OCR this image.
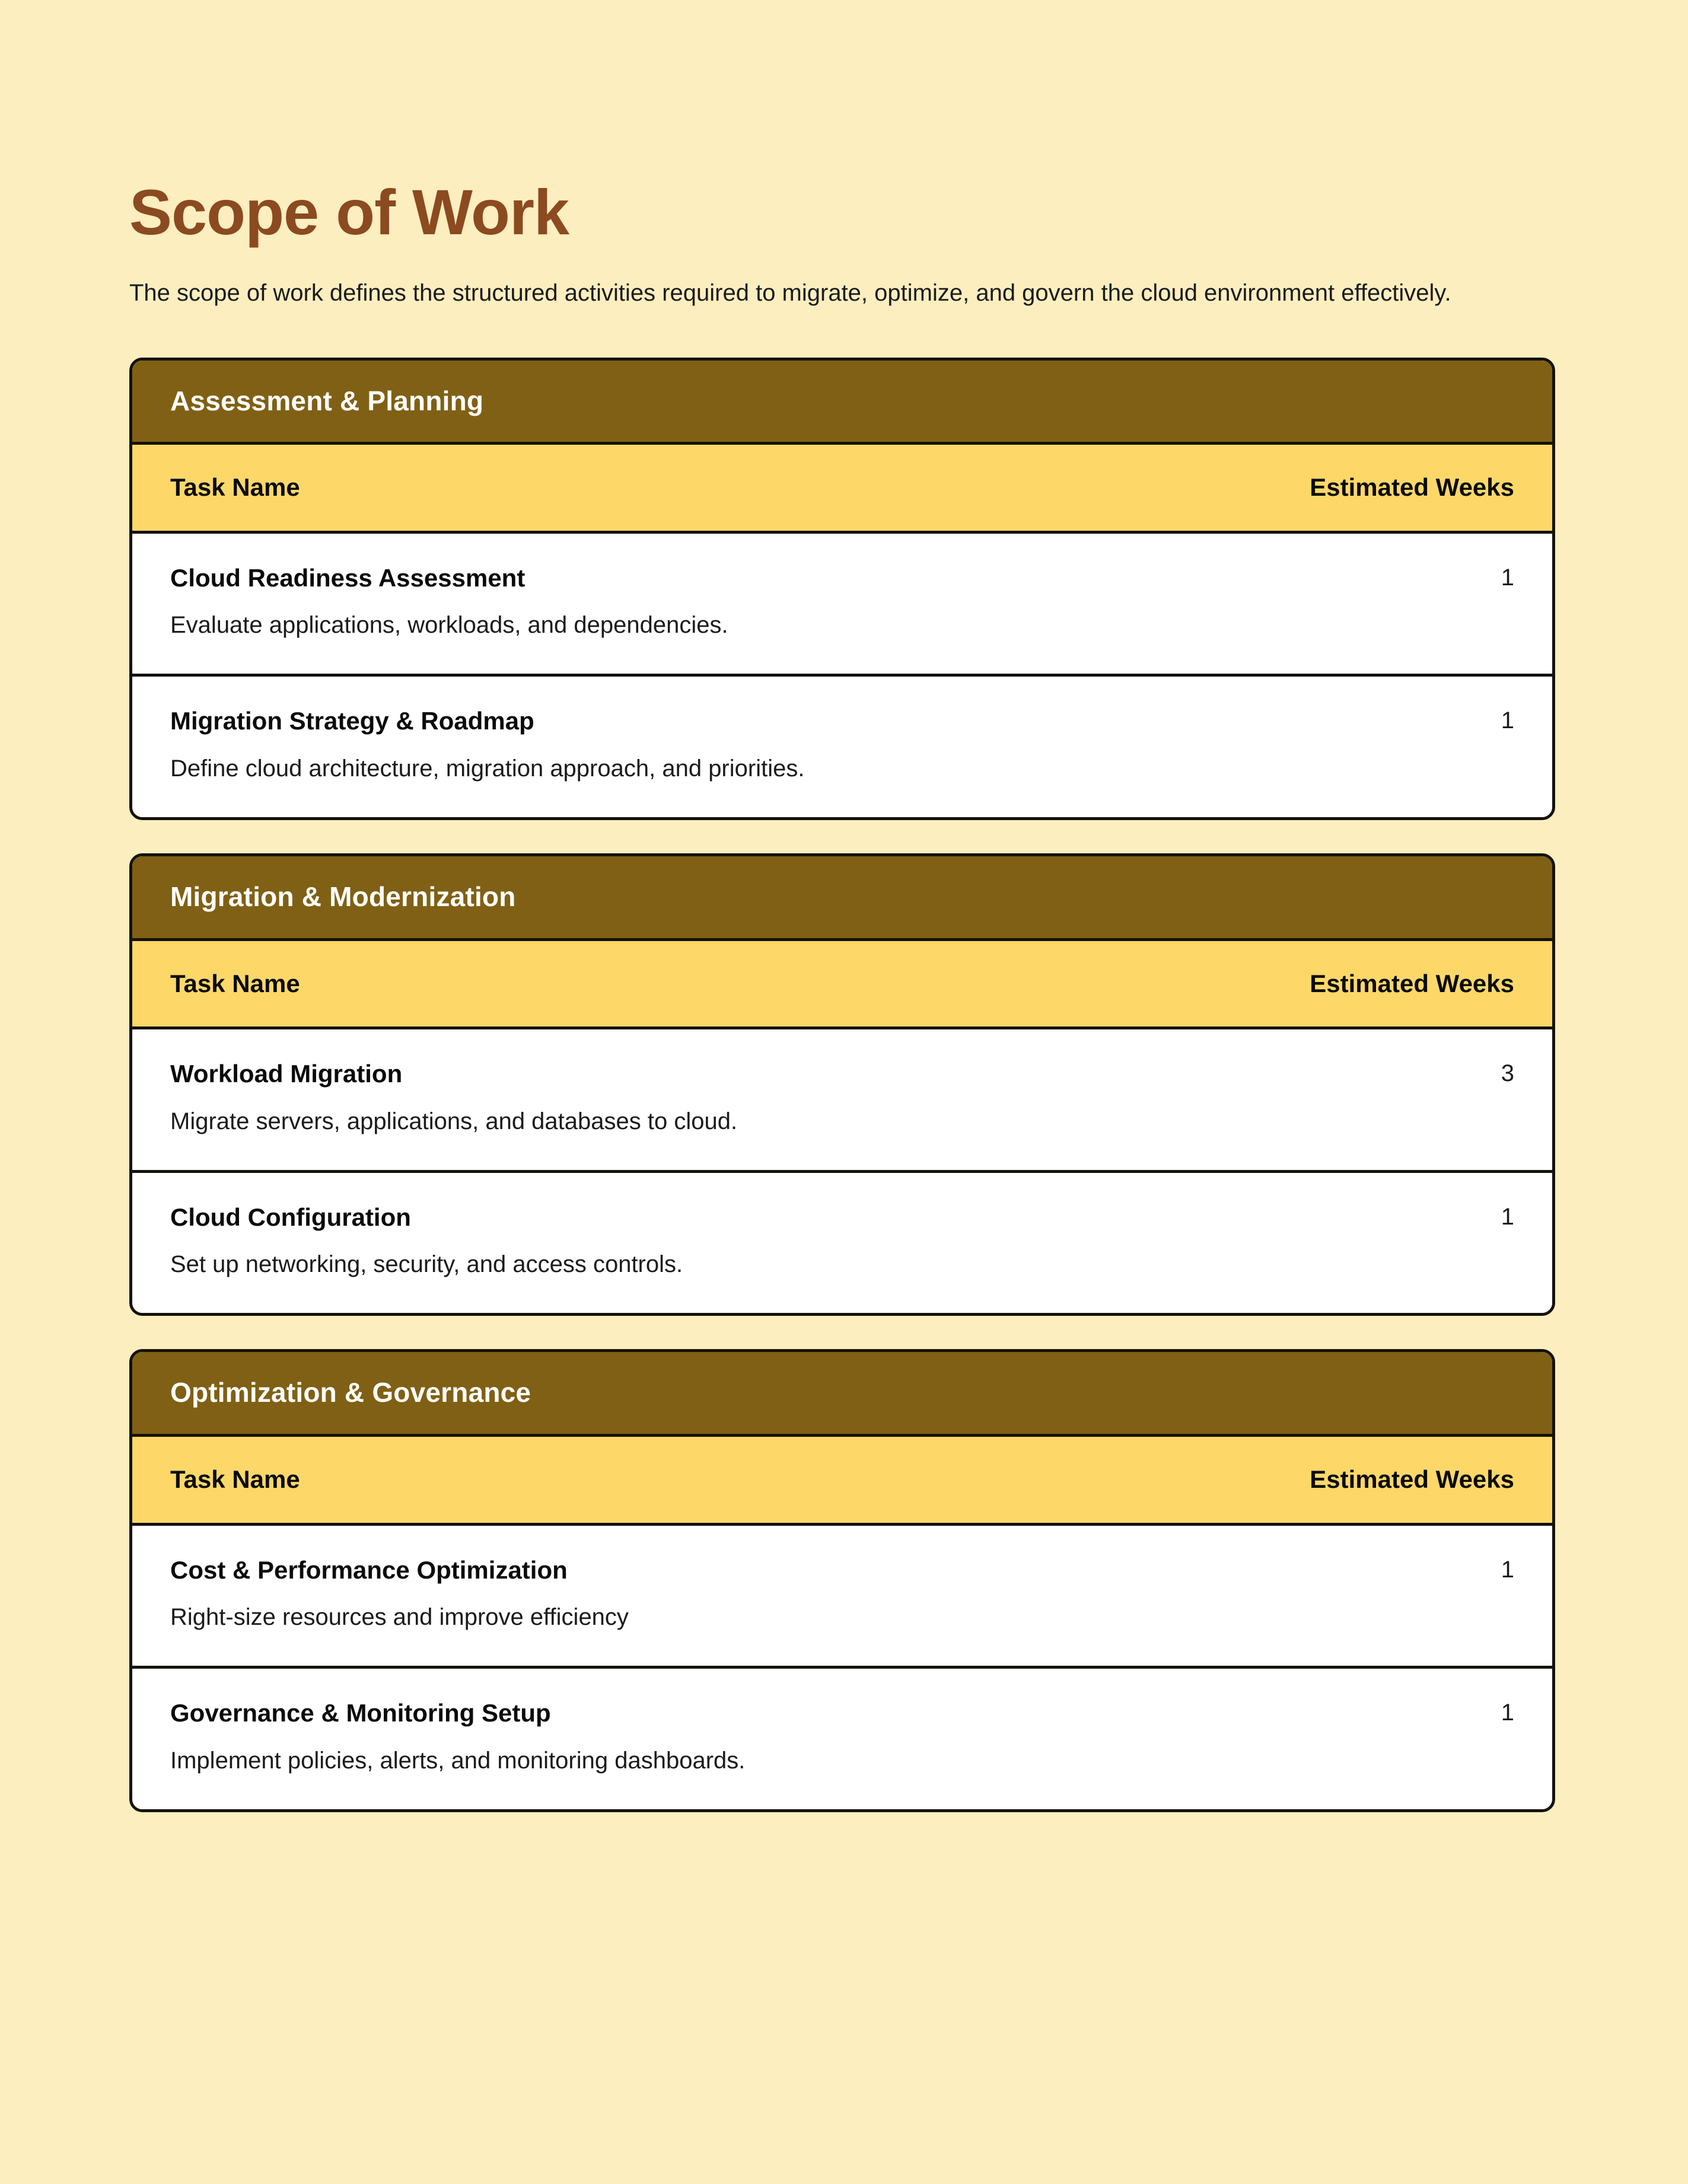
Scope of Work

The scope of work defines the structured activities required to migrate, optimize, and govern the cloud environment effectively.

Assessment & Planning
Task Name	Estimated Weeks

Cloud Readiness Assessment
Evaluate applications, workloads, and dependencies.	1

Migration Strategy & Roadmap
Define cloud architecture, migration approach, and priorities.	1
Migration & Modernization
Task Name	Estimated Weeks

Workload Migration
Migrate servers, applications, and databases to cloud.	3

Cloud Configuration
Set up networking, security, and access controls.	1
Optimization & Governance
Task Name	Estimated Weeks

Cost & Performance Optimization
Right-size resources and improve efficiency	1

Governance & Monitoring Setup
Implement policies, alerts, and monitoring dashboards.	1
